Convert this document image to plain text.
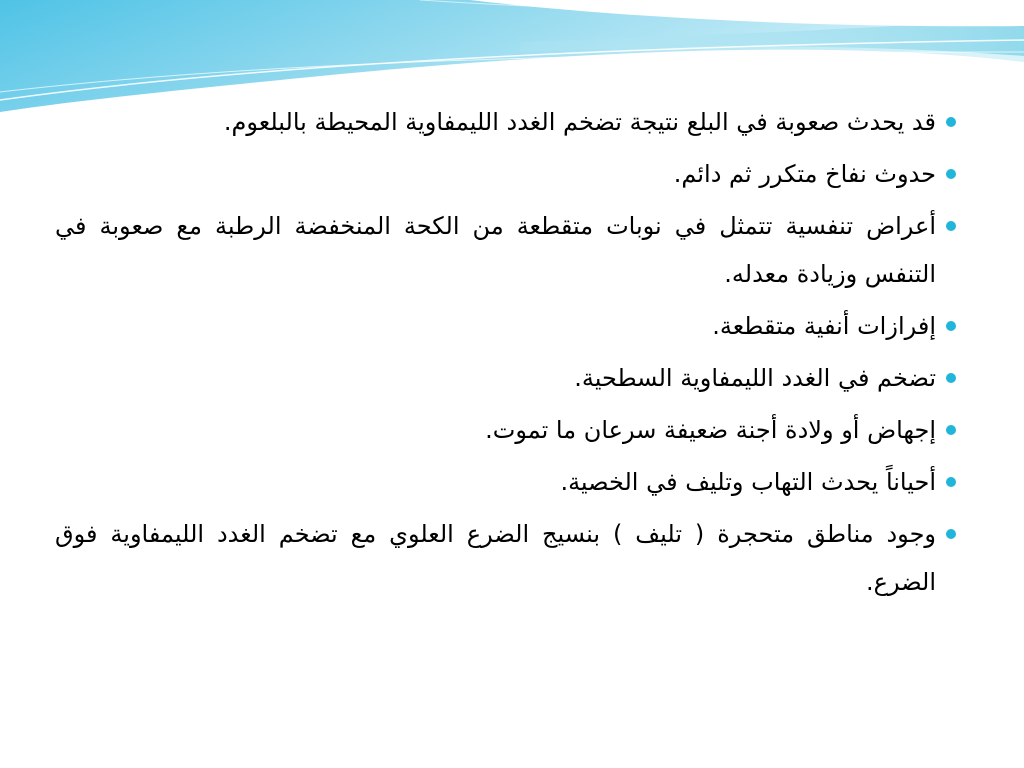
قد يحدث صعوبة في البلع نتيجة تضخم الغدد الليمفاوية المحيطة بالبلعوم.
حدوث نفاخ متكرر ثم دائم.
أعراض تنفسية تتمثل في نوبات متقطعة من الكحة المنخفضة الرطبة مع صعوبة في التنفس وزيادة معدله.
إفرازات أنفية متقطعة.
تضخم في الغدد الليمفاوية السطحية.
إجهاض أو ولادة أجنة ضعيفة سرعان ما تموت.
أحياناً يحدث التهاب وتليف في الخصية.
وجود مناطق متحجرة ( تليف ) بنسيج الضرع العلوي مع تضخم الغدد الليمفاوية فوق الضرع.
